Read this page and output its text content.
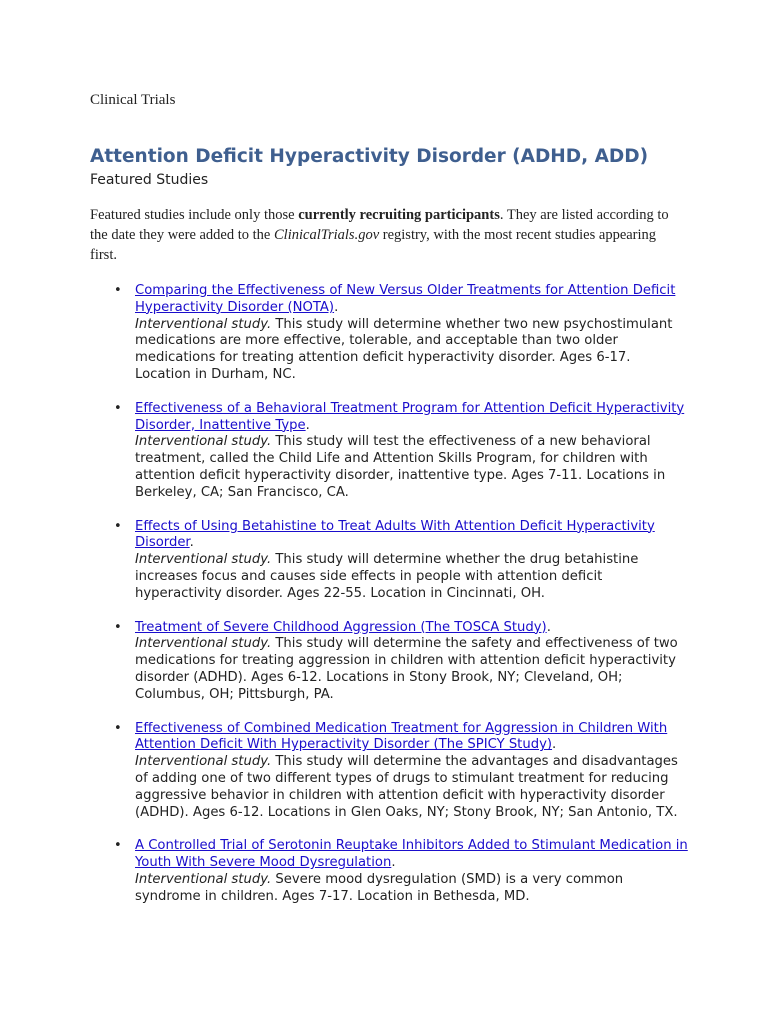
Clinical Trials

Attention Deficit Hyperactivity Disorder (ADHD, ADD)

Featured Studies

Featured studies include only those currently recruiting participants. They are listed according to the date they were added to the ClinicalTrials.gov registry, with the most recent studies appearing first.

• Comparing the Effectiveness of New Versus Older Treatments for Attention Deficit Hyperactivity Disorder (NOTA).
Interventional study. This study will determine whether two new psychostimulant medications are more effective, tolerable, and acceptable than two older medications for treating attention deficit hyperactivity disorder. Ages 6-17. Location in Durham, NC.
• Effectiveness of a Behavioral Treatment Program for Attention Deficit Hyperactivity Disorder, Inattentive Type.
Interventional study. This study will test the effectiveness of a new behavioral treatment, called the Child Life and Attention Skills Program, for children with attention deficit hyperactivity disorder, inattentive type. Ages 7-11. Locations in Berkeley, CA; San Francisco, CA.
• Effects of Using Betahistine to Treat Adults With Attention Deficit Hyperactivity Disorder.
Interventional study. This study will determine whether the drug betahistine increases focus and causes side effects in people with attention deficit hyperactivity disorder. Ages 22-55. Location in Cincinnati, OH.
• Treatment of Severe Childhood Aggression (The TOSCA Study).
Interventional study. This study will determine the safety and effectiveness of two medications for treating aggression in children with attention deficit hyperactivity disorder (ADHD). Ages 6-12. Locations in Stony Brook, NY; Cleveland, OH; Columbus, OH; Pittsburgh, PA.
• Effectiveness of Combined Medication Treatment for Aggression in Children With Attention Deficit With Hyperactivity Disorder (The SPICY Study).
Interventional study. This study will determine the advantages and disadvantages of adding one of two different types of drugs to stimulant treatment for reducing aggressive behavior in children with attention deficit with hyperactivity disorder (ADHD). Ages 6-12. Locations in Glen Oaks, NY; Stony Brook, NY; San Antonio, TX.
• A Controlled Trial of Serotonin Reuptake Inhibitors Added to Stimulant Medication in Youth With Severe Mood Dysregulation.
Interventional study. Severe mood dysregulation (SMD) is a very common syndrome in children. Ages 7-17. Location in Bethesda, MD.
